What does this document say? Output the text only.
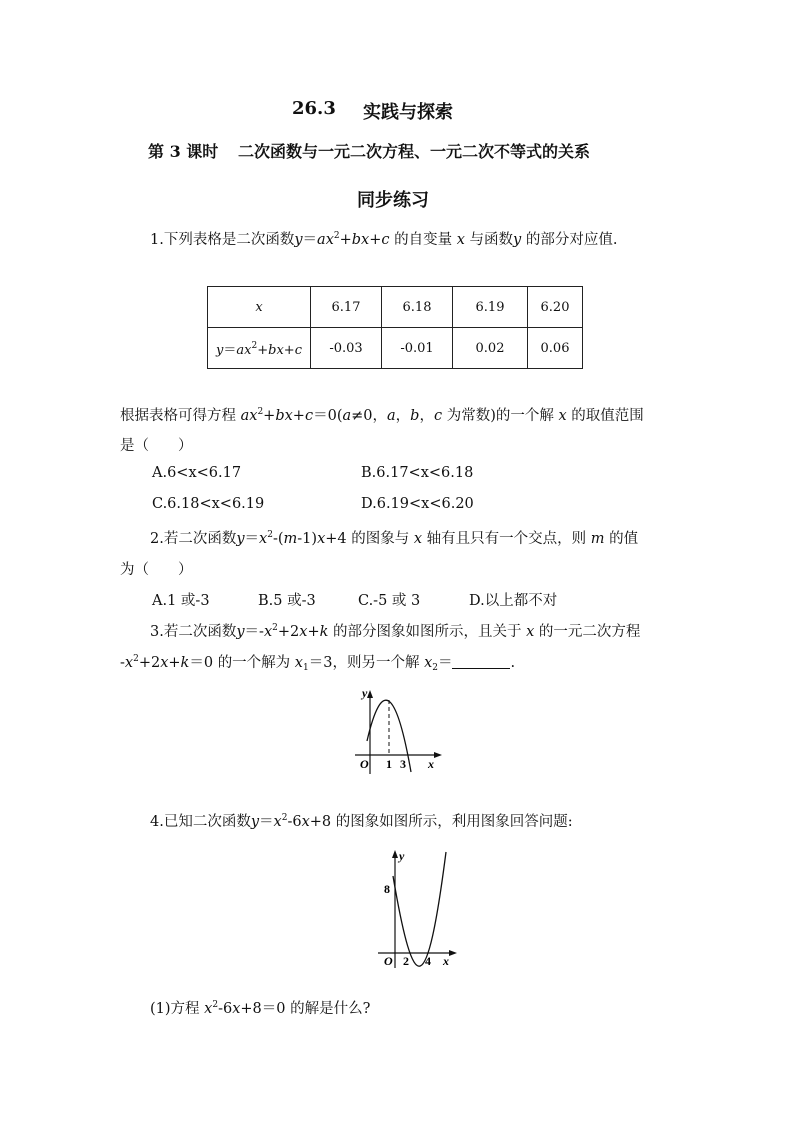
26.3 实践与探索
第 3 课时 二次函数与一元二次方程、一元二次不等式的关系
同步练习
1.下列表格是二次函数$y=ax^2+bx+c$ 的自变量 x 与函数y 的部分对应值.
x	6.17	6.18	6.19	6.20
$y=ax^2+bx+c$	-0.03	-0.01	0.02	0.06
根据表格可得方程 $ax^2+bx+c=0(a\ne 0$，a，b，c 为常数)的一个解 x 的取值范围
是（　　）
A.6<x<6.17	B.6.17<x<6.18
C.6.18<x<6.19	D.6.19<x<6.20
2.若二次函数$y=x^2-(m-1)x+4$ 的图象与 x 轴有且只有一个交点，则 m 的值
为（　　）
A.1 或-3	B.5 或-3	C.-5 或 3	D.以上都不对
3.若二次函数$y=-x^2+2x+k$ 的部分图象如图所示，且关于 x 的一元二次方程
$-x^2+2x+k=0$ 的一个解为 $x_1=3$，则另一个解 $x_2=$	.
y
O 1 3 x
4.已知二次函数$y=x^2-6x+8$ 的图象如图所示，利用图象回答问题:
y
8
O 2 4 x
(1)方程 $x^2-6x+8=0$ 的解是什么?
